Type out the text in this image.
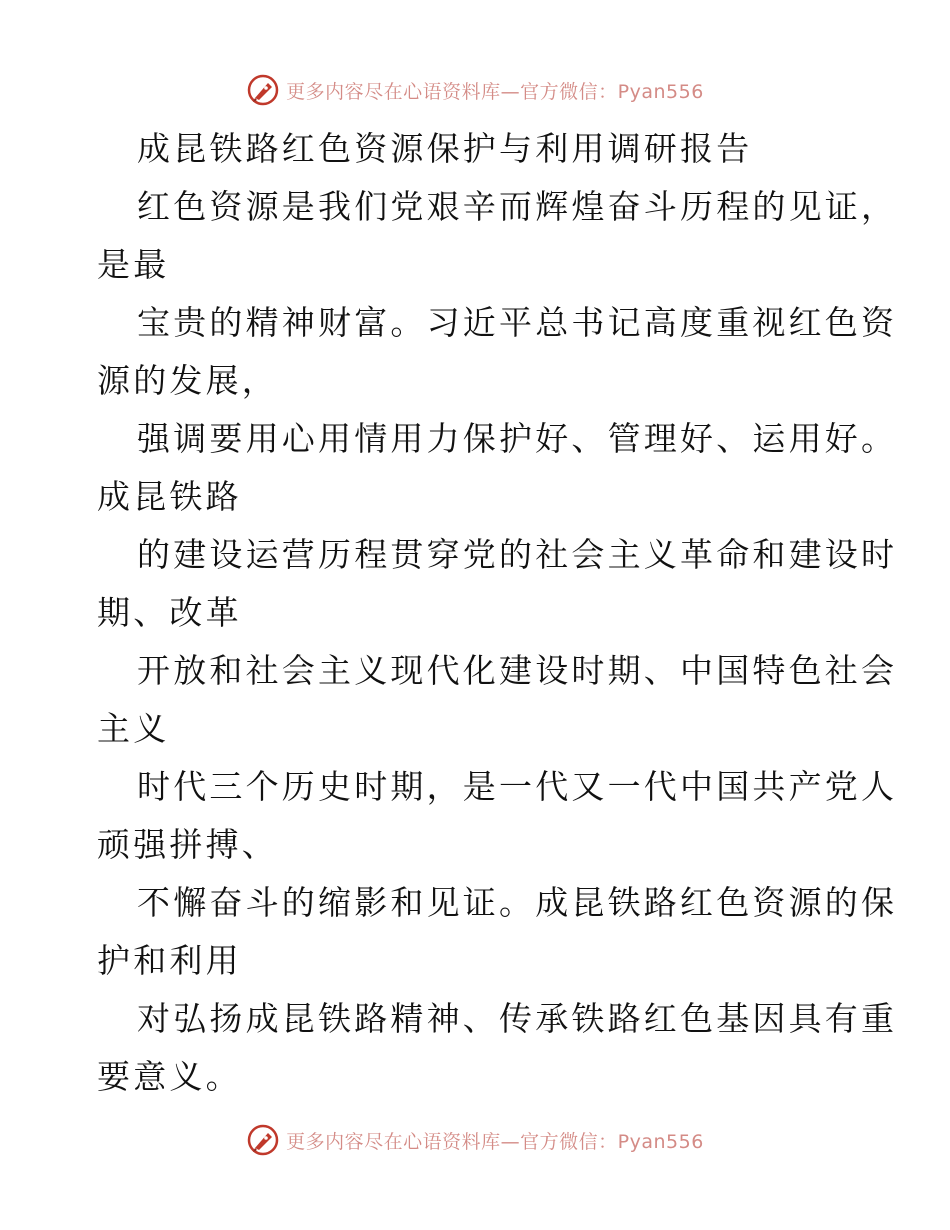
更多内容尽在心语资料库—官方微信：Pyan556
成昆铁路红色资源保护与利用调研报告
红色资源是我们党艰辛而辉煌奋斗历程的见证，
是最
宝贵的精神财富。习近平总书记高度重视红色资
源的发展，
强调要用心用情用力保护好、管理好、运用好。
成昆铁路
的建设运营历程贯穿党的社会主义革命和建设时
期、改革
开放和社会主义现代化建设时期、中国特色社会
主义
时代三个历史时期，是一代又一代中国共产党人
顽强拼搏、
不懈奋斗的缩影和见证。成昆铁路红色资源的保
护和利用
对弘扬成昆铁路精神、传承铁路红色基因具有重
要意义。
更多内容尽在心语资料库—官方微信：Pyan556
